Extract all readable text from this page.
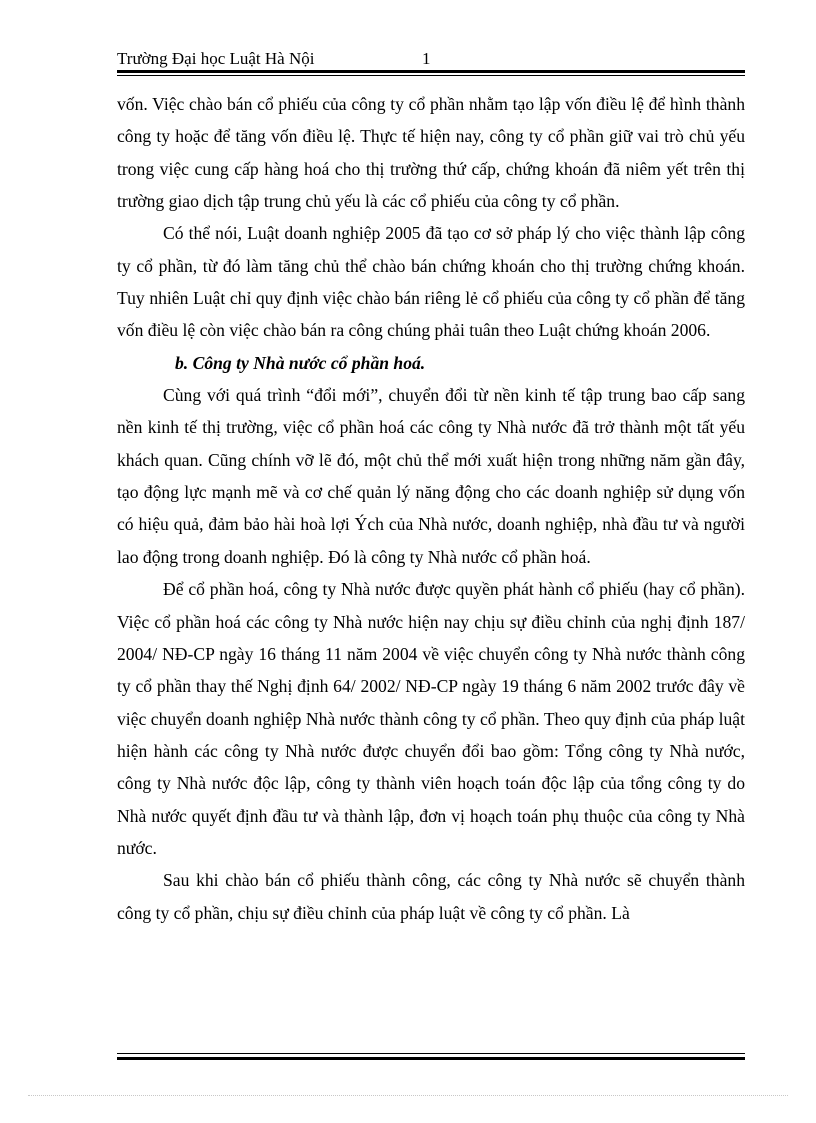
Trường Đại học Luật Hà Nội	1

vốn. Việc chào bán cổ phiếu của công ty cổ phần nhằm tạo lập vốn điều lệ để hình thành công ty hoặc để tăng vốn điều lệ. Thực tế hiện nay, công ty cổ phần giữ vai trò chủ yếu trong việc cung cấp hàng hoá cho thị trường thứ cấp, chứng khoán đã niêm yết trên thị trường giao dịch tập trung chủ yếu là các cổ phiếu của công ty cổ phần.

Có thể nói, Luật doanh nghiệp 2005 đã tạo cơ sở pháp lý cho việc thành lập công ty cổ phần, từ đó làm tăng chủ thể chào bán chứng khoán cho thị trường chứng khoán. Tuy nhiên Luật chỉ quy định việc chào bán riêng lẻ cổ phiếu của công ty cổ phần để tăng vốn điều lệ còn việc chào bán ra công chúng phải tuân theo Luật chứng khoán 2006.

b. Công ty Nhà nước cổ phần hoá.

Cùng với quá trình “đổi mới”, chuyển đổi từ nền kinh tế tập trung bao cấp sang nền kinh tế thị trường, việc cổ phần hoá các công ty Nhà nước đã trở thành một tất yếu khách quan. Cũng chính vỡ lẽ đó, một chủ thể mới xuất hiện trong những năm gần đây, tạo động lực mạnh mẽ và cơ chế quản lý năng động cho các doanh nghiệp sử dụng vốn có hiệu quả, đảm bảo hài hoà lợi Ých của Nhà nước, doanh nghiệp, nhà đầu tư và người lao động trong doanh nghiệp. Đó là công ty Nhà nước cổ phần hoá.

Để cổ phần hoá, công ty Nhà nước được quyền phát hành cổ phiếu (hay cổ phần). Việc cổ phần hoá các công ty Nhà nước hiện nay chịu sự điều chỉnh của nghị định 187/ 2004/ NĐ-CP ngày 16 tháng 11 năm 2004 về việc chuyển công ty Nhà nước thành công ty cổ phần thay thế Nghị định 64/ 2002/ NĐ-CP ngày 19 tháng 6 năm 2002 trước đây về việc chuyển doanh nghiệp Nhà nước thành công ty cổ phần. Theo quy định của pháp luật hiện hành các công ty Nhà nước được chuyển đổi bao gồm: Tổng công ty Nhà nước, công ty Nhà nước độc lập, công ty thành viên hoạch toán độc lập của tổng công ty do Nhà nước quyết định đầu tư và thành lập, đơn vị hoạch toán phụ thuộc của công ty Nhà nước.

Sau khi chào bán cổ phiếu thành công, các công ty Nhà nước sẽ chuyển thành công ty cổ phần, chịu sự điều chỉnh của pháp luật về công ty cổ phần. Là
